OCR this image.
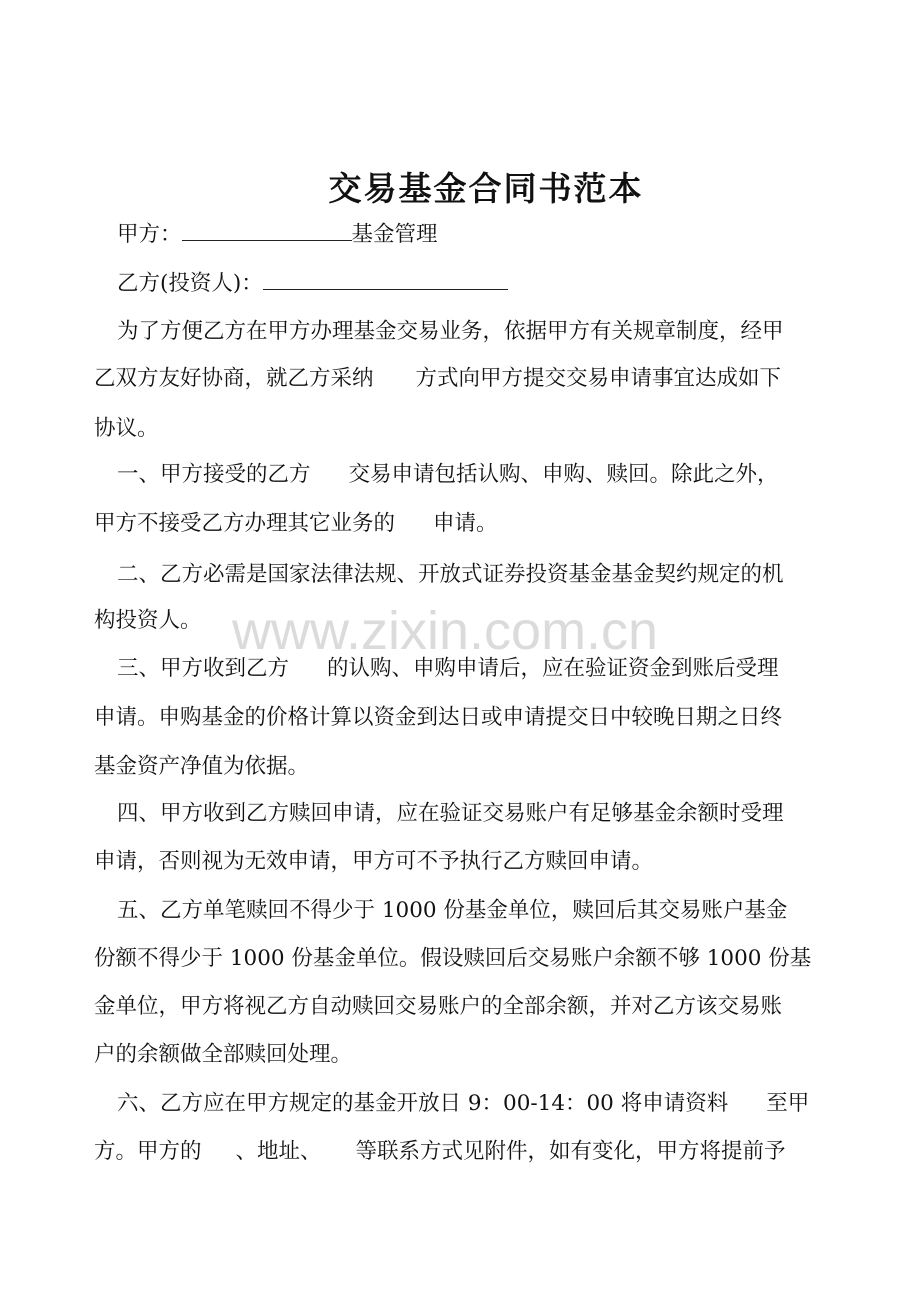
www.zixin.com.cn
交易基金合同书范本
甲方：	基金管理
乙方(投资人)：
为了方便乙方在甲方办理基金交易业务，依据甲方有关规章制度，经甲
乙双方友好协商，就乙方采纳 方式向甲方提交交易申请事宜达成如下
协议。
一、甲方接受的乙方 交易申请包括认购、申购、赎回。除此之外，
甲方不接受乙方办理其它业务的 申请。
二、乙方必需是国家法律法规、开放式证券投资基金基金契约规定的机
构投资人。
三、甲方收到乙方 的认购、申购申请后，应在验证资金到账后受理
申请。申购基金的价格计算以资金到达日或申请提交日中较晚日期之日终
基金资产净值为依据。
四、甲方收到乙方赎回申请，应在验证交易账户有足够基金余额时受理
申请，否则视为无效申请，甲方可不予执行乙方赎回申请。
五、乙方单笔赎回不得少于 1000 份基金单位，赎回后其交易账户基金
份额不得少于 1000 份基金单位。假设赎回后交易账户余额不够 1000 份基
金单位，甲方将视乙方自动赎回交易账户的全部余额，并对乙方该交易账
户的余额做全部赎回处理。
六、乙方应在甲方规定的基金开放日 9：00-14：00 将申请资料 至甲
方。甲方的 、地址、 等联系方式见附件，如有变化，甲方将提前予
